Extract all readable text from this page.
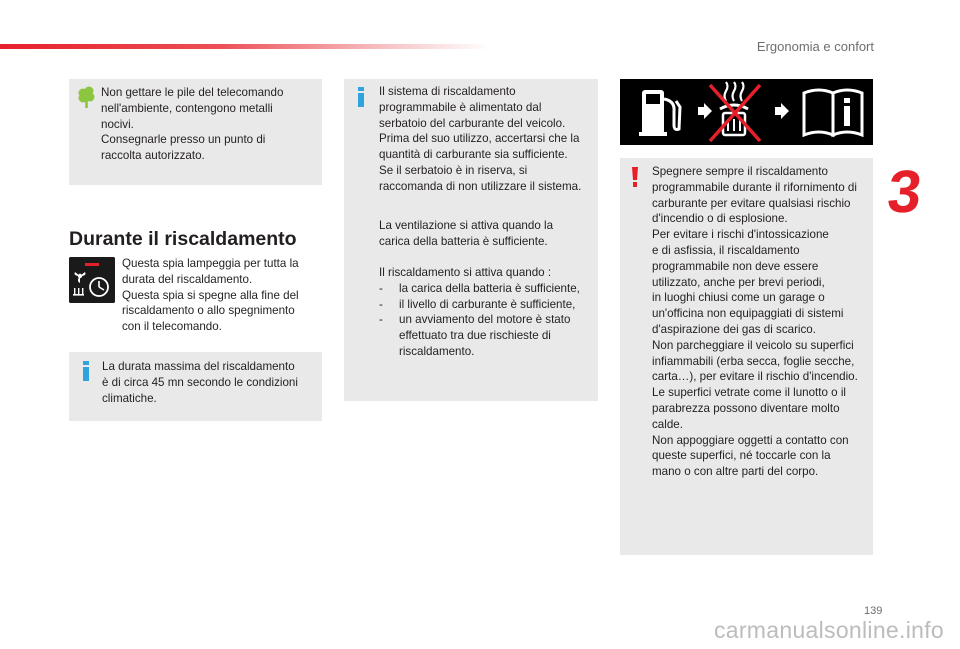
Ergonomia e confort
3
Non gettare le pile del telecomando
nell'ambiente, contengono metalli
nocivi.
Consegnarle presso un punto di
raccolta autorizzato.
Durante il riscaldamento
Questa spia lampeggia per tutta la
durata del riscaldamento.
Questa spia si spegne alla fine del
riscaldamento o allo spegnimento
con il telecomando.
La durata massima del riscaldamento
è di circa 45 mn secondo le condizioni
climatiche.
Il sistema di riscaldamento
programmabile è alimentato dal
serbatoio del carburante del veicolo.
Prima del suo utilizzo, accertarsi che la
quantità di carburante sia sufficiente.
Se il serbatoio è in riserva, si
raccomanda di non utilizzare il sistema.
La ventilazione si attiva quando la
carica della batteria è sufficiente.
Il riscaldamento si attiva quando :
- la carica della batteria è sufficiente,
- il livello di carburante è sufficiente,
- un avviamento del motore è stato
effettuato tra due rischieste di
riscaldamento.
Spegnere sempre il riscaldamento
programmabile durante il rifornimento di
carburante per evitare qualsiasi rischio
d'incendio o di esplosione.
Per evitare i rischi d'intossicazione
e di asfissia, il riscaldamento
programmabile non deve essere
utilizzato, anche per brevi periodi,
in luoghi chiusi come un garage o
un'officina non equipaggiati di sistemi
d'aspirazione dei gas di scarico.
Non parcheggiare il veicolo su superfici
infiammabili (erba secca, foglie secche,
carta…), per evitare il rischio d'incendio.
Le superfici vetrate come il lunotto o il
parabrezza possono diventare molto
calde.
Non appoggiare oggetti a contatto con
queste superfici, né toccarle con la
mano o con altre parti del corpo.
139
carmanualsonline.info
